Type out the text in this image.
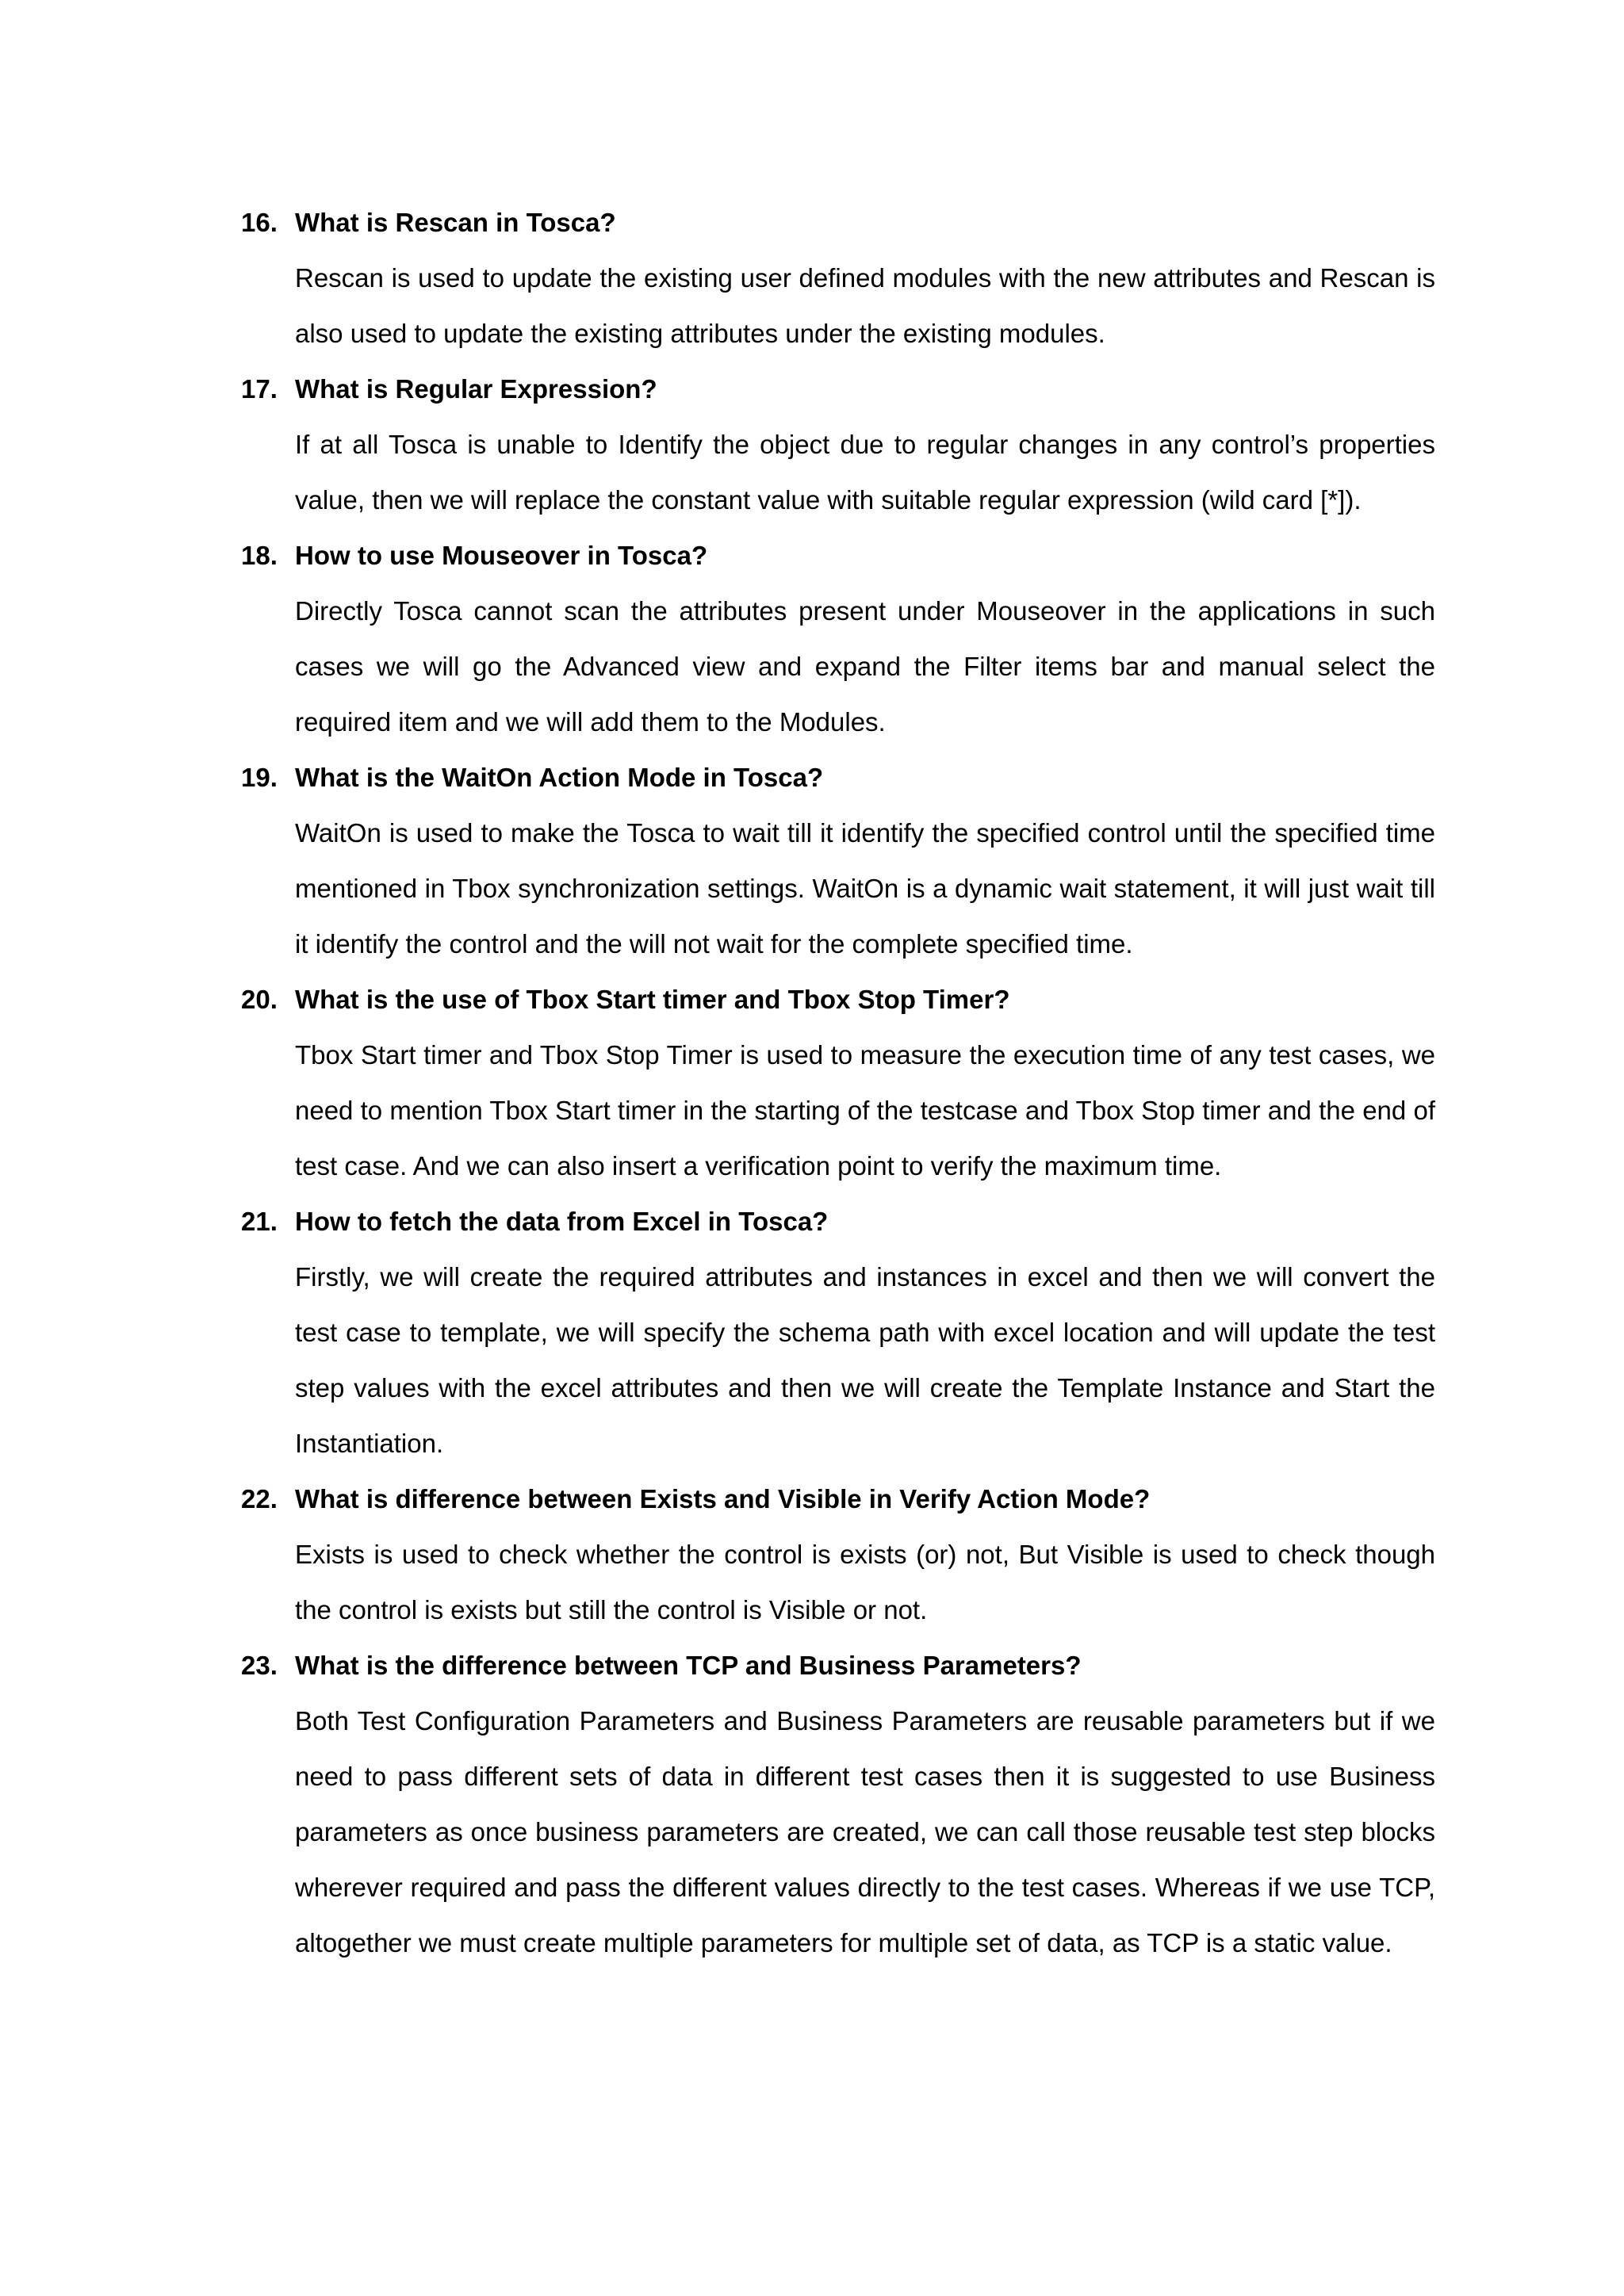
16. What is Rescan in Tosca?

Rescan is used to update the existing user defined modules with the new attributes and Rescan is also used to update the existing attributes under the existing modules.

17. What is Regular Expression?

If at all Tosca is unable to Identify the object due to regular changes in any control’s properties value, then we will replace the constant value with suitable regular expression (wild card [*]).

18. How to use Mouseover in Tosca?

Directly Tosca cannot scan the attributes present under Mouseover in the applications in such cases we will go the Advanced view and expand the Filter items bar and manual select the required item and we will add them to the Modules.

19. What is the WaitOn Action Mode in Tosca?

WaitOn is used to make the Tosca to wait till it identify the specified control until the specified time mentioned in Tbox synchronization settings. WaitOn is a dynamic wait statement, it will just wait till it identify the control and the will not wait for the complete specified time.

20. What is the use of Tbox Start timer and Tbox Stop Timer?

Tbox Start timer and Tbox Stop Timer is used to measure the execution time of any test cases, we need to mention Tbox Start timer in the starting of the testcase and Tbox Stop timer and the end of test case. And we can also insert a verification point to verify the maximum time.

21. How to fetch the data from Excel in Tosca?

Firstly, we will create the required attributes and instances in excel and then we will convert the test case to template, we will specify the schema path with excel location and will update the test step values with the excel attributes and then we will create the Template Instance and Start the Instantiation.

22. What is difference between Exists and Visible in Verify Action Mode?

Exists is used to check whether the control is exists (or) not, But Visible is used to check though the control is exists but still the control is Visible or not.

23. What is the difference between TCP and Business Parameters?

Both Test Configuration Parameters and Business Parameters are reusable parameters but if we need to pass different sets of data in different test cases then it is suggested to use Business parameters as once business parameters are created, we can call those reusable test step blocks wherever required and pass the different values directly to the test cases. Whereas if we use TCP, altogether we must create multiple parameters for multiple set of data, as TCP is a static value.
